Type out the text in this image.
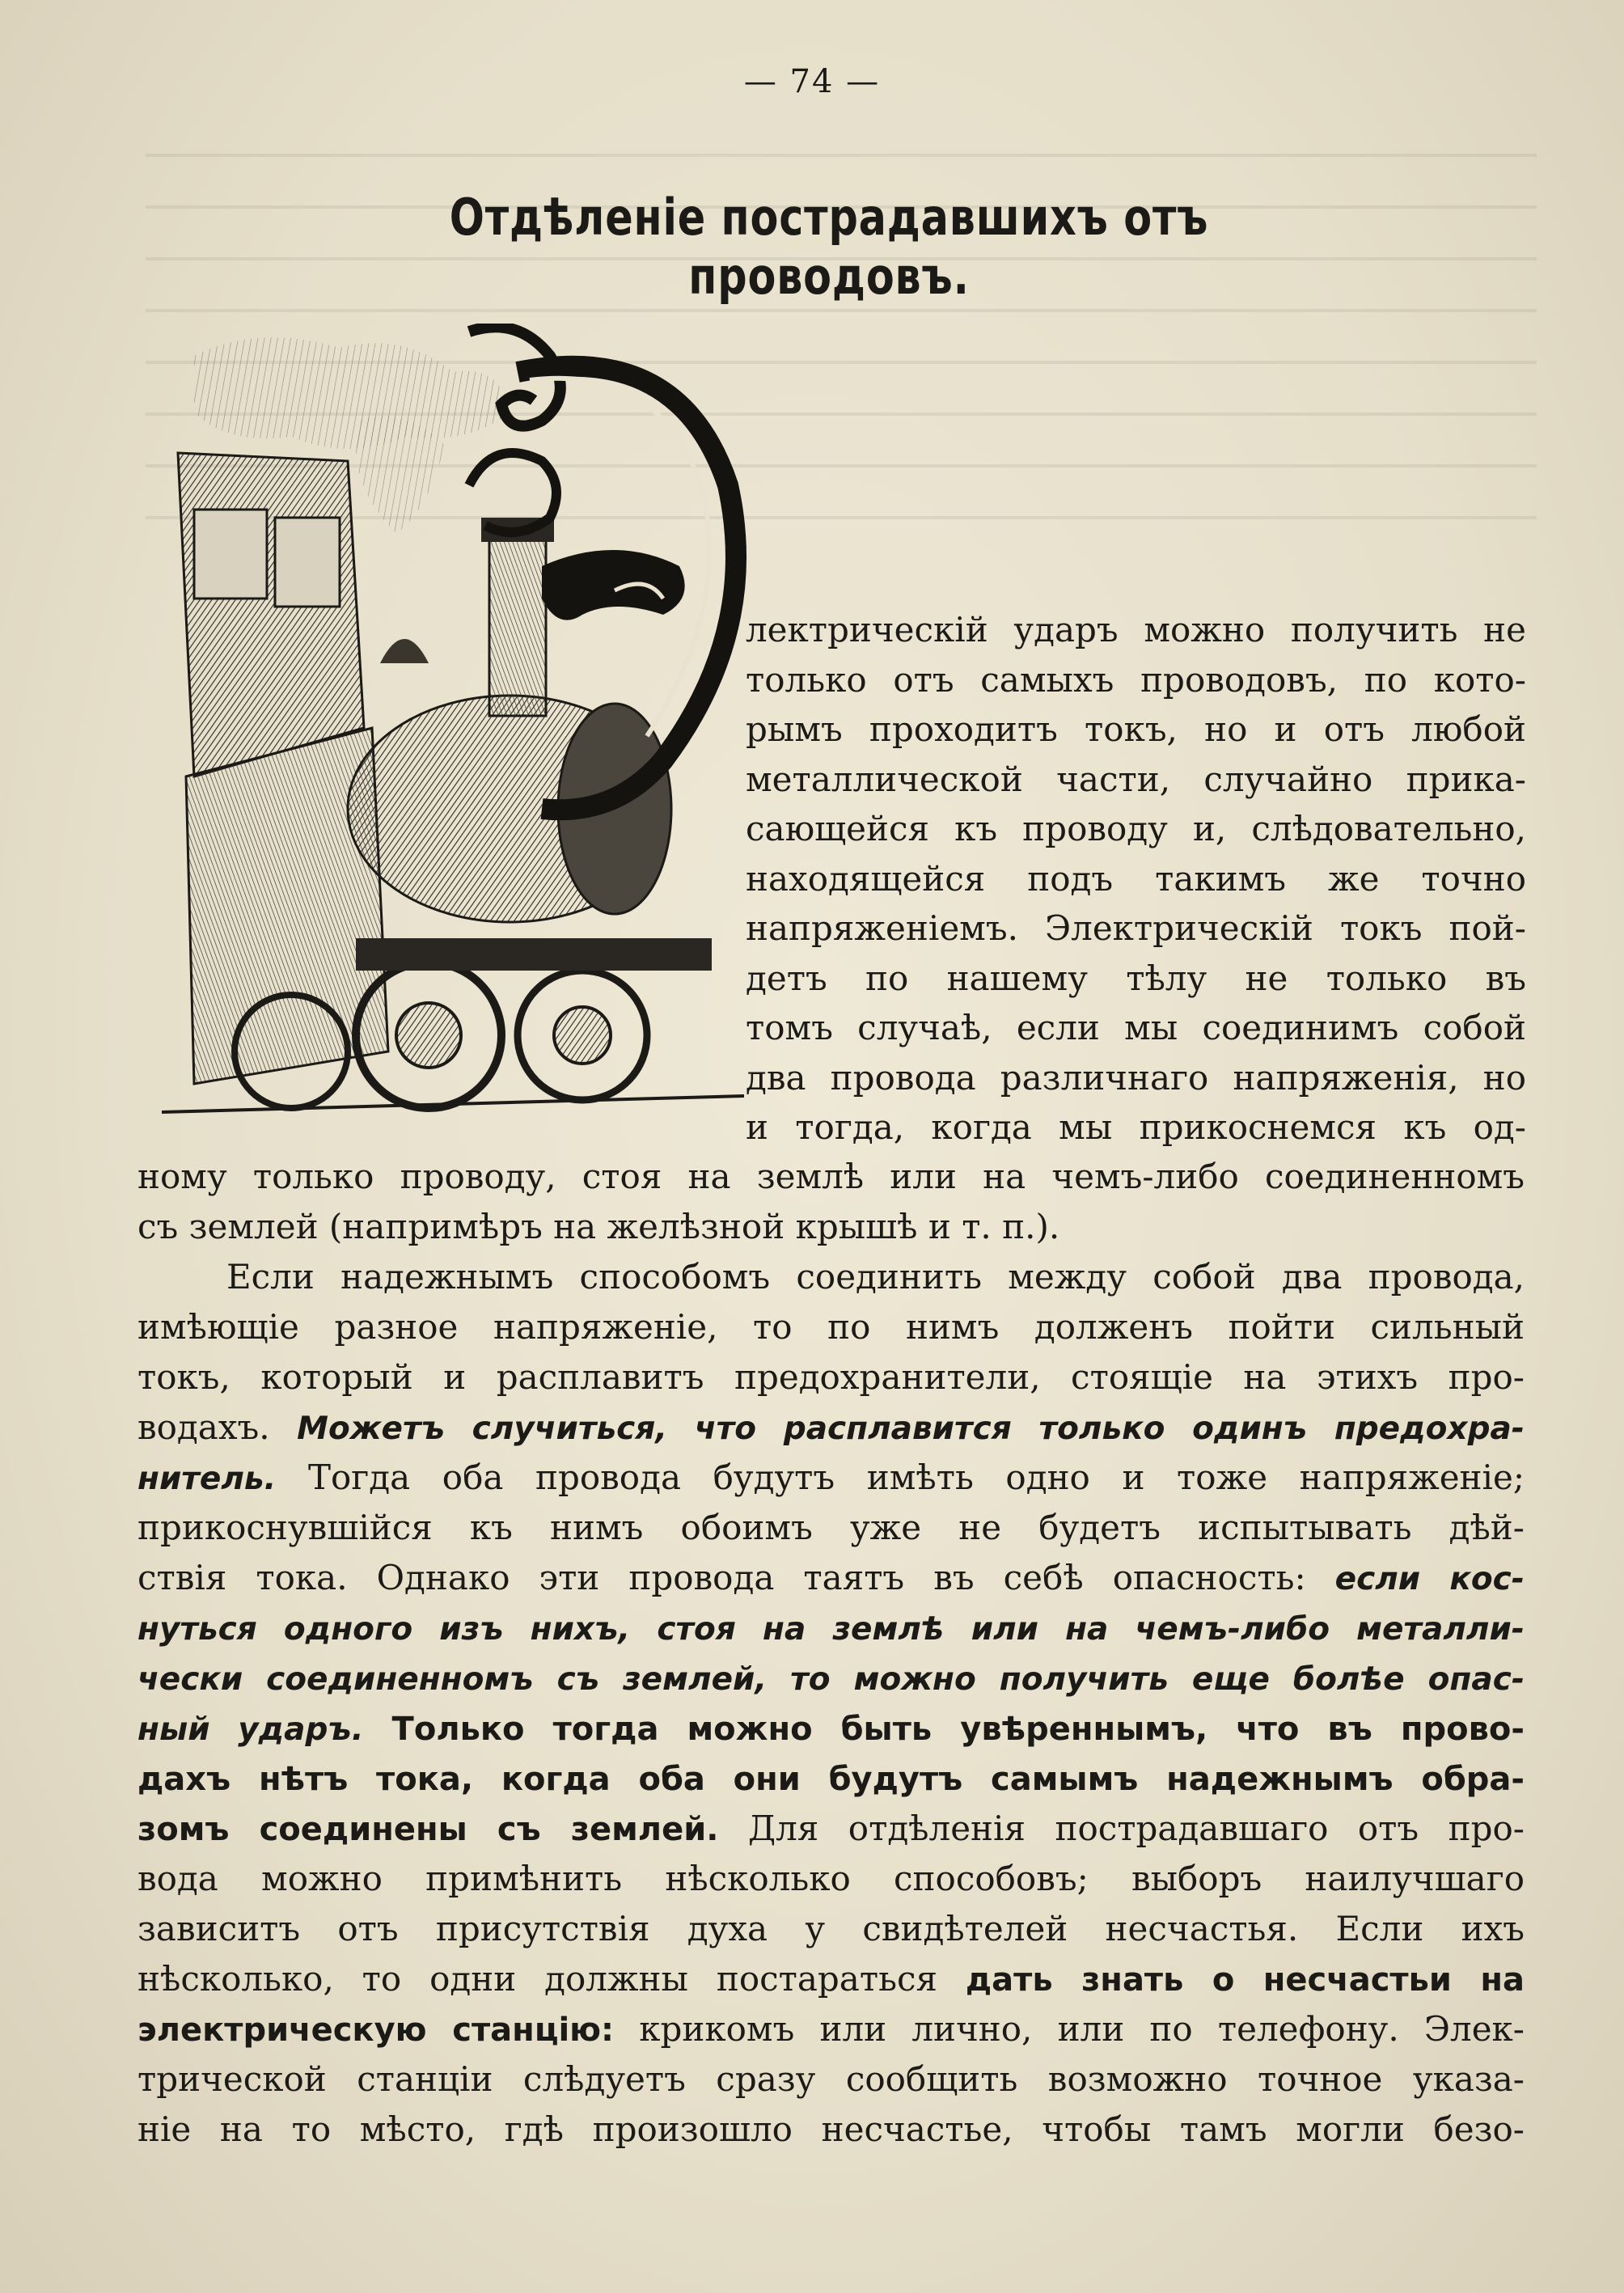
— 74 —
Отдѣленіе пострадавшихъ отъ проводовъ.
лектрическій ударъ можно получить не
только отъ самыхъ проводовъ, по кото-
рымъ проходитъ токъ, но и отъ любой
металлической части, случайно прика-
сающейся къ проводу и, слѣдовательно,
находящейся подъ такимъ же точно
напряженіемъ. Электрическій токъ пой-
детъ по нашему тѣлу не только въ
томъ случаѣ, если мы соединимъ собой
два провода различнаго напряженія, но
и тогда, когда мы прикоснемся къ од-
ному только проводу, стоя на землѣ или на чемъ-либо соединенномъ
съ землей (напримѣръ на желѣзной крышѣ и т. п.).
Если надежнымъ способомъ соединить между собой два провода,
имѣющіе разное напряженіе, то по нимъ долженъ пойти сильный
токъ, который и расплавитъ предохранители, стоящіе на этихъ про-
водахъ. Можетъ случиться, что расплавится только одинъ предохра-
нитель. Тогда оба провода будутъ имѣть одно и тоже напряженіе;
прикоснувшійся къ нимъ обоимъ уже не будетъ испытывать дѣй-
ствія тока. Однако эти провода таятъ въ себѣ опасность: если кос-
нуться одного изъ нихъ, стоя на землѣ или на чемъ-либо металли-
чески соединенномъ съ землей, то можно получить еще болѣе опас-
ный ударъ. Только тогда можно быть увѣреннымъ, что въ прово-
дахъ нѣтъ тока, когда оба они будутъ самымъ надежнымъ обра-
зомъ соединены съ землей. Для отдѣленія пострадавшаго отъ про-
вода можно примѣнить нѣсколько способовъ; выборъ наилучшаго
зависитъ отъ присутствія духа у свидѣтелей несчастья. Если ихъ
нѣсколько, то одни должны постараться дать знать о несчастьи на
электрическую станцію: крикомъ или лично, или по телефону. Элек-
трической станціи слѣдуетъ сразу сообщить возможно точное указа-
ніе на то мѣсто, гдѣ произошло несчастье, чтобы тамъ могли безо-
